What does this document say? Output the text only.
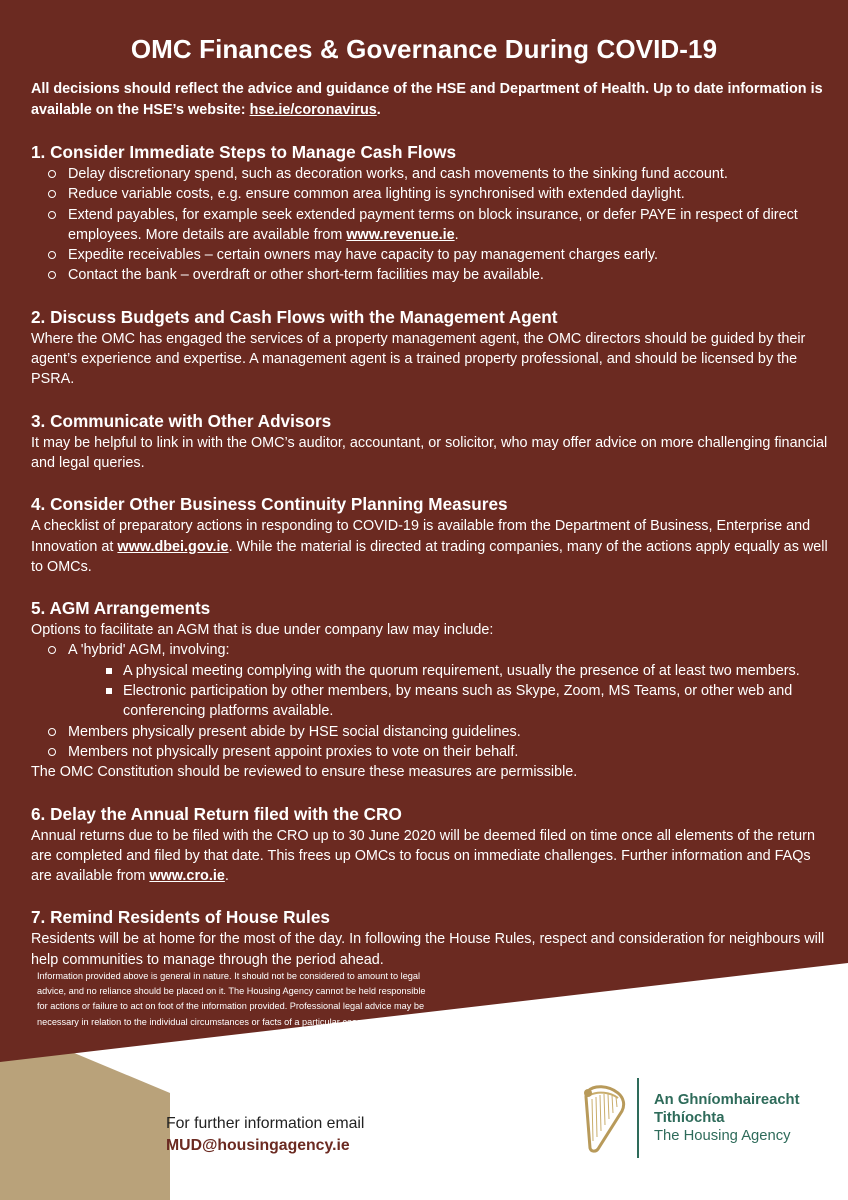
OMC Finances & Governance During COVID-19

All decisions should reflect the advice and guidance of the HSE and Department of Health. Up to date information is available on the HSE’s website: hse.ie/coronavirus.

1. Consider Immediate Steps to Manage Cash Flows
Delay discretionary spend, such as decoration works, and cash movements to the sinking fund account.
Reduce variable costs, e.g. ensure common area lighting is synchronised with extended daylight.
Extend payables, for example seek extended payment terms on block insurance, or defer PAYE in respect of direct employees. More details are available from www.revenue.ie.
Expedite receivables – certain owners may have capacity to pay management charges early.
Contact the bank – overdraft or other short-term facilities may be available.
2. Discuss Budgets and Cash Flows with the Management Agent

Where the OMC has engaged the services of a property management agent, the OMC directors should be guided by their agent’s experience and expertise. A management agent is a trained property professional, and should be licensed by the PSRA.

3. Communicate with Other Advisors

It may be helpful to link in with the OMC’s auditor, accountant, or solicitor, who may offer advice on more challenging financial and legal queries.

4. Consider Other Business Continuity Planning Measures

A checklist of preparatory actions in responding to COVID-19 is available from the Department of Business, Enterprise and Innovation at www.dbei.gov.ie. While the material is directed at trading companies, many of the actions apply equally as well to OMCs.

5. AGM Arrangements

Options to facilitate an AGM that is due under company law may include:

A 'hybrid' AGM, involving:
A physical meeting complying with the quorum requirement, usually the presence of at least two members.
Electronic participation by other members, by means such as Skype, Zoom, MS Teams, or other web and conferencing platforms available.
Members physically present abide by HSE social distancing guidelines.
Members not physically present appoint proxies to vote on their behalf.

The OMC Constitution should be reviewed to ensure these measures are permissible.

6. Delay the Annual Return filed with the CRO

Annual returns due to be filed with the CRO up to 30 June 2020 will be deemed filed on time once all elements of the return are completed and filed by that date. This frees up OMCs to focus on immediate challenges. Further information and FAQs are available from www.cro.ie.

7. Remind Residents of House Rules

Residents will be at home for the most of the day. In following the House Rules, respect and consideration for neighbours will help communities to manage through the period ahead.

Information provided above is general in nature. It should not be considered to amount to legal advice, and no reliance should be placed on it. The Housing Agency cannot be held responsible for actions or failure to act on foot of the information provided. Professional legal advice may be necessary in relation to the individual circumstances or facts of a particular case.
For further information email
MUD@housingagency.ie
An Ghníomhaireacht
Tithíochta
The Housing Agency
